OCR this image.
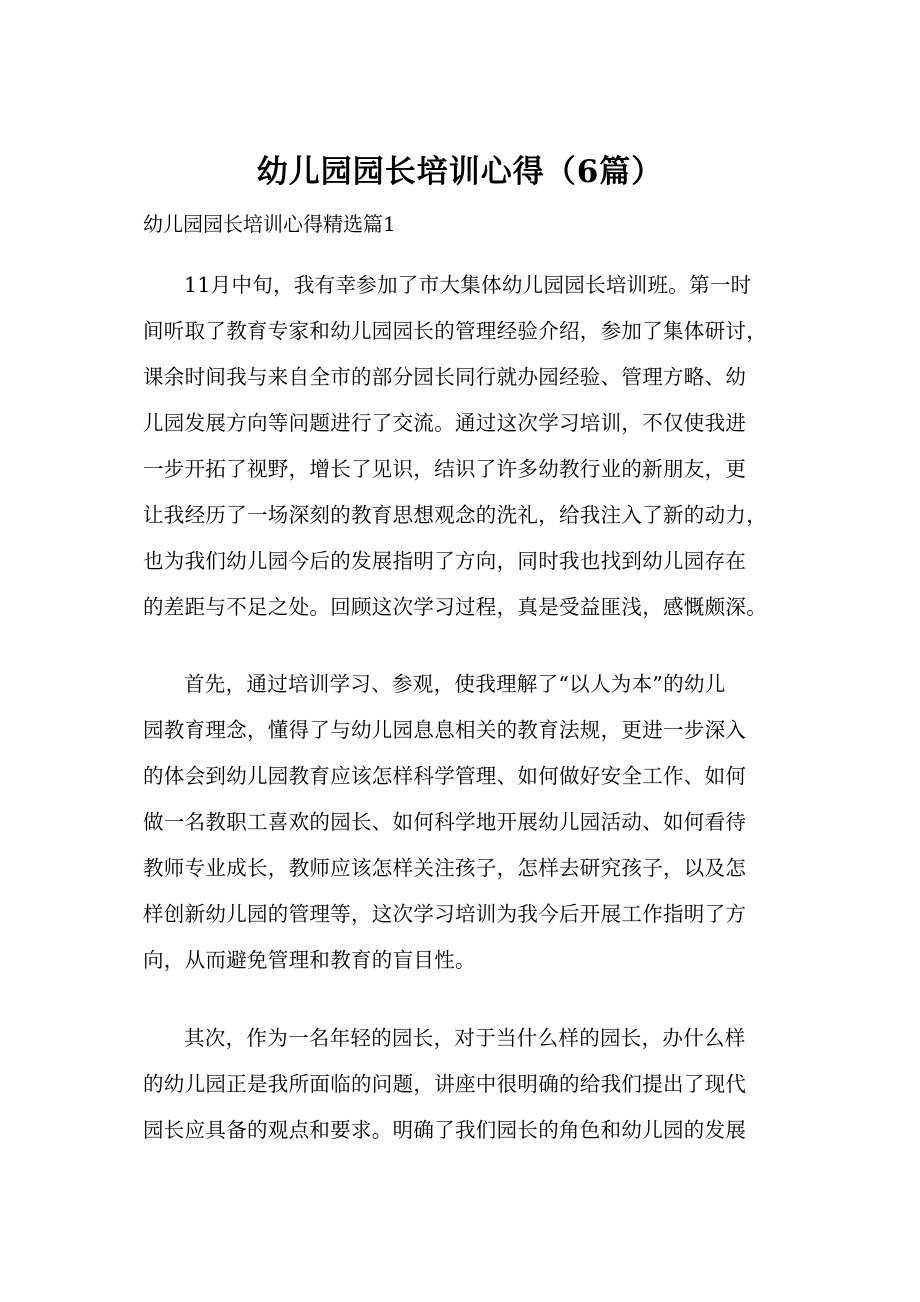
幼儿园园长培训心得（6篇）

幼儿园园长培训心得精选篇1

11月中旬，我有幸参加了市大集体幼儿园园长培训班。第一时
间听取了教育专家和幼儿园园长的管理经验介绍，参加了集体研讨，
课余时间我与来自全市的部分园长同行就办园经验、管理方略、幼
儿园发展方向等问题进行了交流。通过这次学习培训，不仅使我进
一步开拓了视野，增长了见识，结识了许多幼教行业的新朋友，更
让我经历了一场深刻的教育思想观念的洗礼，给我注入了新的动力，
也为我们幼儿园今后的发展指明了方向，同时我也找到幼儿园存在
的差距与不足之处。回顾这次学习过程，真是受益匪浅，感慨颇深。
首先，通过培训学习、参观，使我理解了“以人为本”的幼儿
园教育理念，懂得了与幼儿园息息相关的教育法规，更进一步深入
的体会到幼儿园教育应该怎样科学管理、如何做好安全工作、如何
做一名教职工喜欢的园长、如何科学地开展幼儿园活动、如何看待
教师专业成长，教师应该怎样关注孩子，怎样去研究孩子，以及怎
样创新幼儿园的管理等，这次学习培训为我今后开展工作指明了方
向，从而避免管理和教育的盲目性。
其次，作为一名年轻的园长，对于当什么样的园长，办什么样
的幼儿园正是我所面临的问题，讲座中很明确的给我们提出了现代
园长应具备的观点和要求。明确了我们园长的角色和幼儿园的发展
